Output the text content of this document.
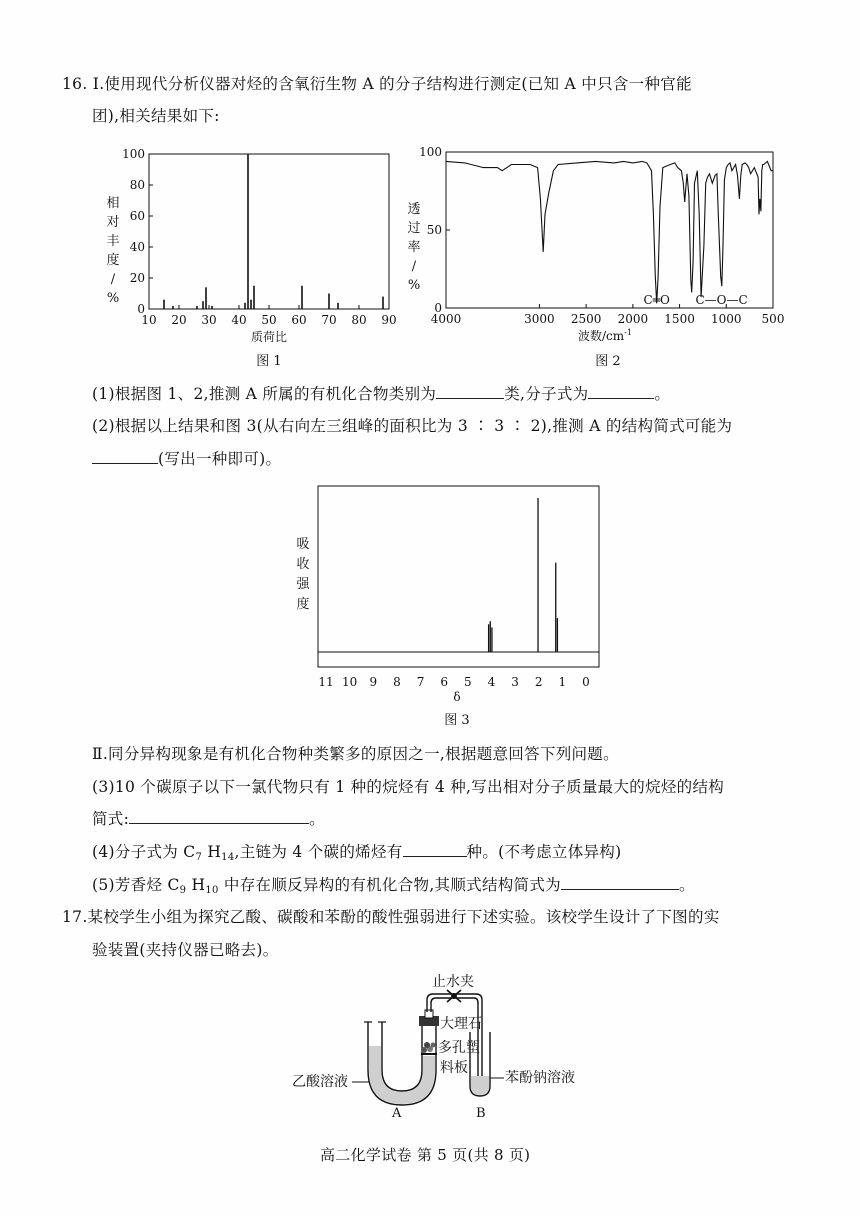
16. Ⅰ.使用现代分析仪器对烃的含氧衍生物 A 的分子结构进行测定(已知 A 中只含一种官能
团),相关结果如下:
0
20
40
60
80
100
10 20 30 40 50 60 70 80 90
质荷比
相
对
丰
度
/
%
图 1
0
50
100
4000	3000 2500 2000 1500 1000 500
C═O C—O—C
波数$/cm^{-1}$
透
过
率
/
%
图 2
(1)根据图 1、2,推测 A 所属的有机化合物类别为	类,分子式为	。
(2)根据以上结果和图 3(从右向左三组峰的面积比为 3 ∶ 3 ∶ 2),推测 A 的结构简式可能为
(写出一种即可)。
11 10 9 8 7 6 5 4 3 2 1 0
吸
收
强
度
δ
图 3
Ⅱ.同分异构现象是有机化合物种类繁多的原因之一,根据题意回答下列问题。
(3)10 个碳原子以下一氯代物只有 1 种的烷烃有 4 种,写出相对分子质量最大的烷烃的结构
简式:	。
(4)分子式为 $C_7$ $H_{14}$,主链为 4 个碳的烯烃有	种。(不考虑立体异构)
(5)芳香烃 $C_9$ $H_{10}$ 中存在顺反异构的有机化合物,其顺式结构简式为	。
17.某校学生小组为探究乙酸、碳酸和苯酚的酸性强弱进行下述实验。该校学生设计了下图的实
验装置(夹持仪器已略去)。
止水夹
大理石
多孔塑
料板
苯酚钠溶液
乙酸溶液
A	B
高二化学试卷 第 5 页(共 8 页)
